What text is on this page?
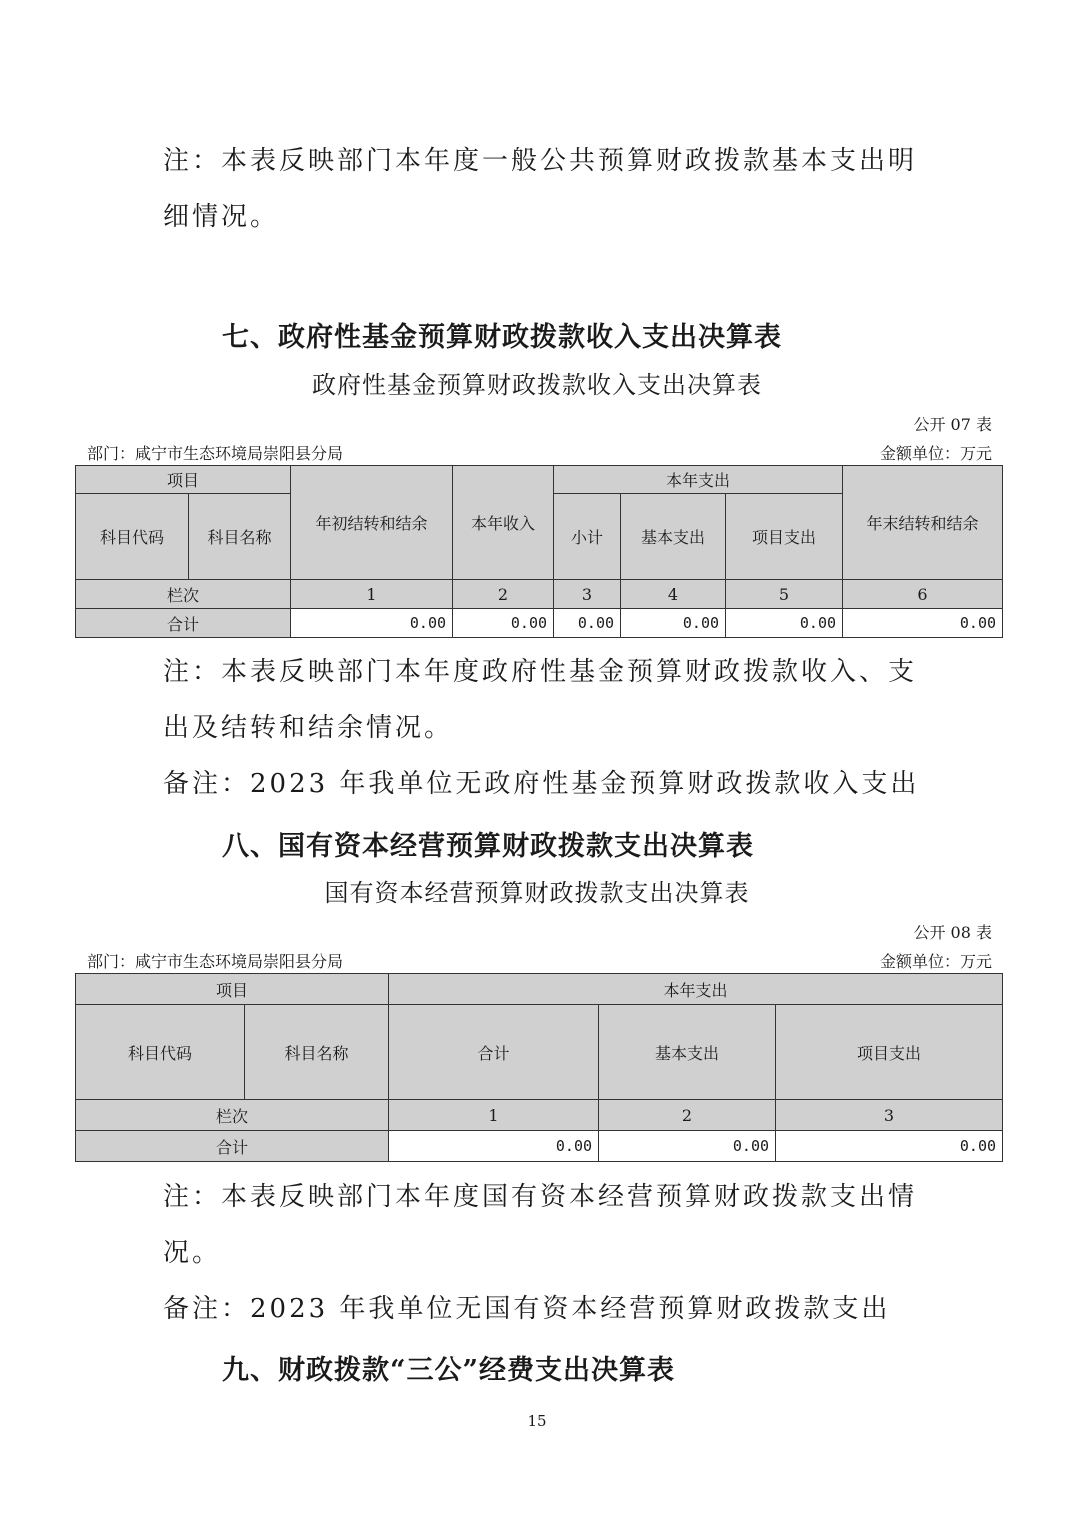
注：本表反映部门本年度一般公共预算财政拨款基本支出明
细情况。
七、政府性基金预算财政拨款收入支出决算表
政府性基金预算财政拨款收入支出决算表
公开 07 表
部门：咸宁市生态环境局崇阳县分局	金额单位：万元
项目		年初结转和结余	本年收入	本年支出			年末结转和结余
科目代码	科目名称			小计	基本支出	项目支出	
栏次		1	2	3	4	5	6
合计		0.00	0.00	0.00	0.00	0.00	0.00
注：本表反映部门本年度政府性基金预算财政拨款收入、支
出及结转和结余情况。
备注：2023 年我单位无政府性基金预算财政拨款收入支出
八、国有资本经营预算财政拨款支出决算表
国有资本经营预算财政拨款支出决算表
公开 08 表
部门：咸宁市生态环境局崇阳县分局	金额单位：万元
项目		本年支出		
科目代码	科目名称	合计	基本支出	项目支出
栏次		1	2	3
合计		0.00	0.00	0.00
注：本表反映部门本年度国有资本经营预算财政拨款支出情
况。
备注：2023 年我单位无国有资本经营预算财政拨款支出
九、财政拨款“三公”经费支出决算表
15
